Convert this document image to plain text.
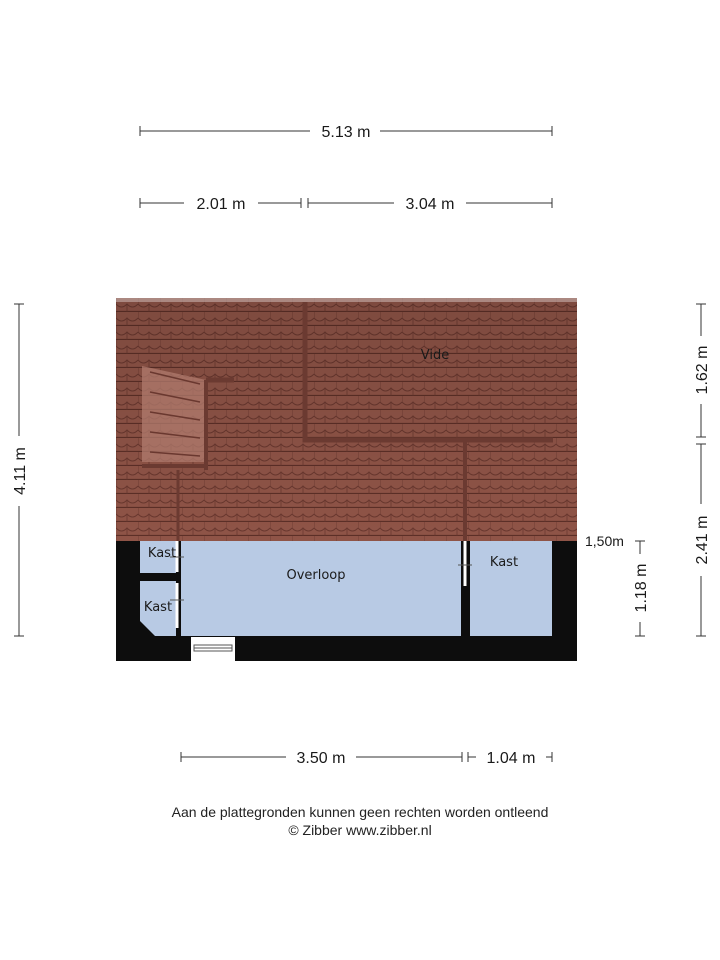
5.13 m
2.01 m	3.04 m
4.11 m
1.62 m
2.41 m
1.18 m
3.50 m	1.04 m
Vide
Overloop
Kast
Kast
Kast
1,50m
Aan de plattegronden kunnen geen rechten worden ontleend
© Zibber www.zibber.nl
